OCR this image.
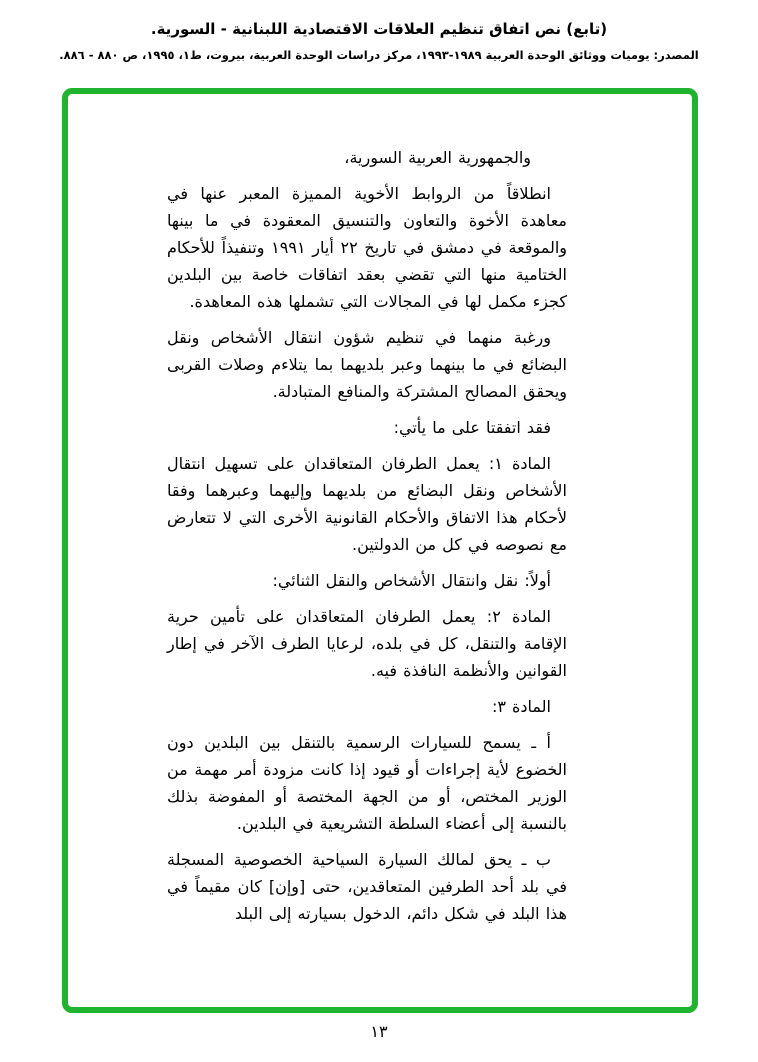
(تابع) نص اتفاق تنظيم العلاقات الاقتصادية اللبنانية - السورية.
المصدر: يوميات ووثائق الوحدة العربية ١٩٨٩-١٩٩٣، مركز دراسات الوحدة العربية، بيروت، ط١، ١٩٩٥، ص ٨٨٠ - ٨٨٦.

والجمهورية العربية السورية،

انطلاقاً من الروابط الأخوية المميزة المعبر عنها في معاهدة الأخوة والتعاون والتنسيق المعقودة في ما بينها والموقعة في دمشق في تاريخ ٢٢ أيار ١٩٩١ وتنفيذاً للأحكام الختامية منها التي تقضي بعقد اتفاقات خاصة بين البلدين كجزء مكمل لها في المجالات التي تشملها هذه المعاهدة.

ورغبة منهما في تنظيم شؤون انتقال الأشخاص ونقل البضائع في ما بينهما وعبر بلديهما بما يتلاءم وصلات القربى ويحقق المصالح المشتركة والمنافع المتبادلة.

فقد اتفقتا على ما يأتي:

المادة ١: يعمل الطرفان المتعاقدان على تسهيل انتقال الأشخاص ونقل البضائع من بلديهما وإليهما وعبرهما وفقا لأحكام هذا الاتفاق والأحكام القانونية الأخرى التي لا تتعارض مع نصوصه في كل من الدولتين.

أولاً: نقل وانتقال الأشخاص والنقل الثنائي:

المادة ٢: يعمل الطرفان المتعاقدان على تأمين حرية الإقامة والتنقل، كل في بلده، لرعايا الطرف الآخر في إطار القوانين والأنظمة النافذة فيه.

المادة ٣:

أ ـ يسمح للسيارات الرسمية بالتنقل بين البلدين دون الخضوع لأية إجراءات أو قيود إذا كانت مزودة أمر مهمة من الوزير المختص، أو من الجهة المختصة أو المفوضة بذلك بالنسبة إلى أعضاء السلطة التشريعية في البلدين.

ب ـ يحق لمالك السيارة السياحية الخصوصية المسجلة في بلد أحد الطرفين المتعاقدين، حتى [وإن] كان مقيماً في هذا البلد في شكل دائم، الدخول بسيارته إلى البلد

١٣
